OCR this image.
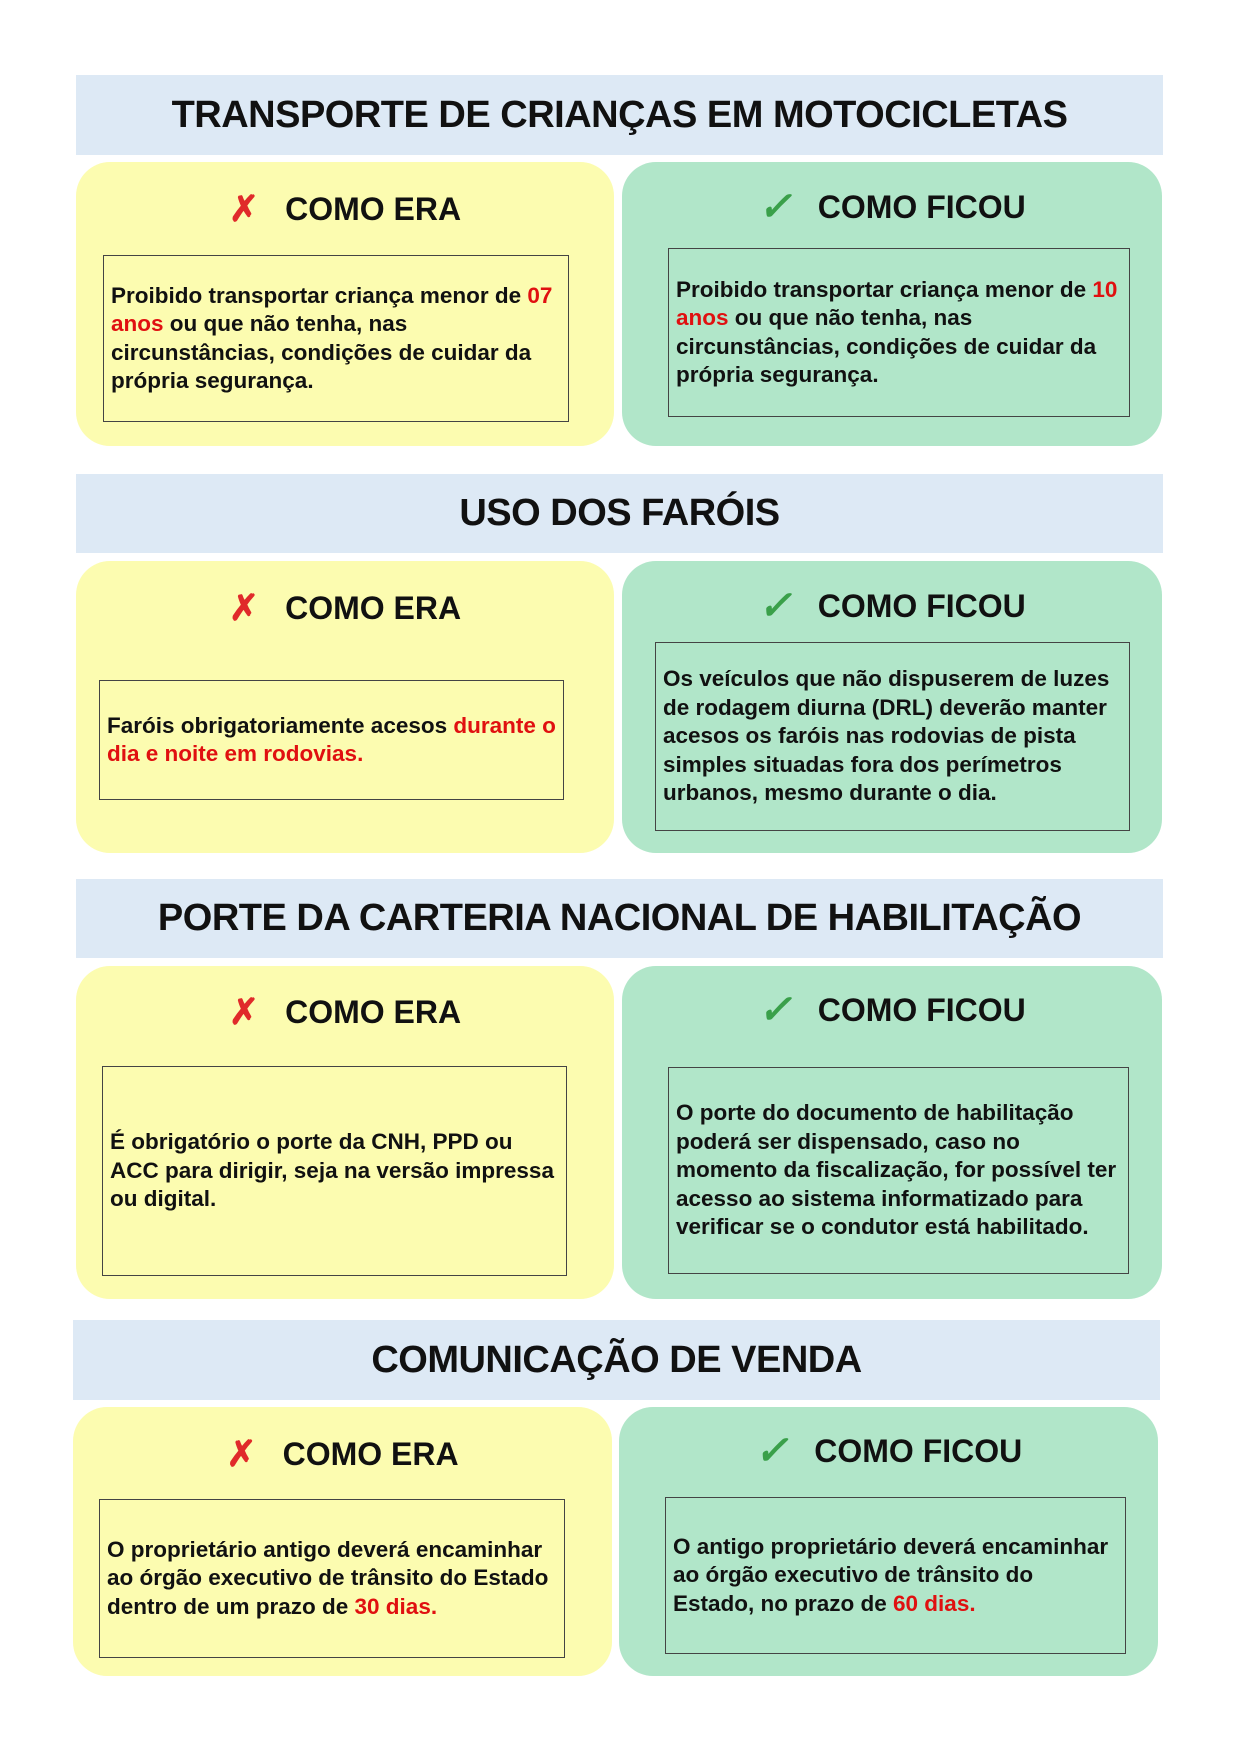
TRANSPORTE DE CRIANÇAS EM MOTOCICLETAS
✗ COMO ERA

Proibido transportar criança menor de 07 anos ou que não tenha, nas circunstâncias, condições de cuidar da própria segurança.

✓ COMO FICOU

Proibido transportar criança menor de 10 anos ou que não tenha, nas circunstâncias, condições de cuidar da própria segurança.

USO DOS FARÓIS
✗ COMO ERA

Faróis obrigatoriamente acesos durante o dia e noite em rodovias.

✓ COMO FICOU

Os veículos que não dispuserem de luzes de rodagem diurna (DRL) deverão manter acesos os faróis nas rodovias de pista simples situadas fora dos perímetros urbanos, mesmo durante o dia.

PORTE DA CARTERIA NACIONAL DE HABILITAÇÃO
✗ COMO ERA

É obrigatório o porte da CNH, PPD ou ACC para dirigir, seja na versão impressa ou digital.

✓ COMO FICOU

O porte do documento de habilitação poderá ser dispensado, caso no momento da fiscalização, for possível ter acesso ao sistema informatizado para verificar se o condutor está habilitado.

COMUNICAÇÃO DE VENDA
✗ COMO ERA

O proprietário antigo deverá encaminhar ao órgão executivo de trânsito do Estado dentro de um prazo de 30 dias.

✓ COMO FICOU

O antigo proprietário deverá encaminhar ao órgão executivo de trânsito do Estado, no prazo de 60 dias.
